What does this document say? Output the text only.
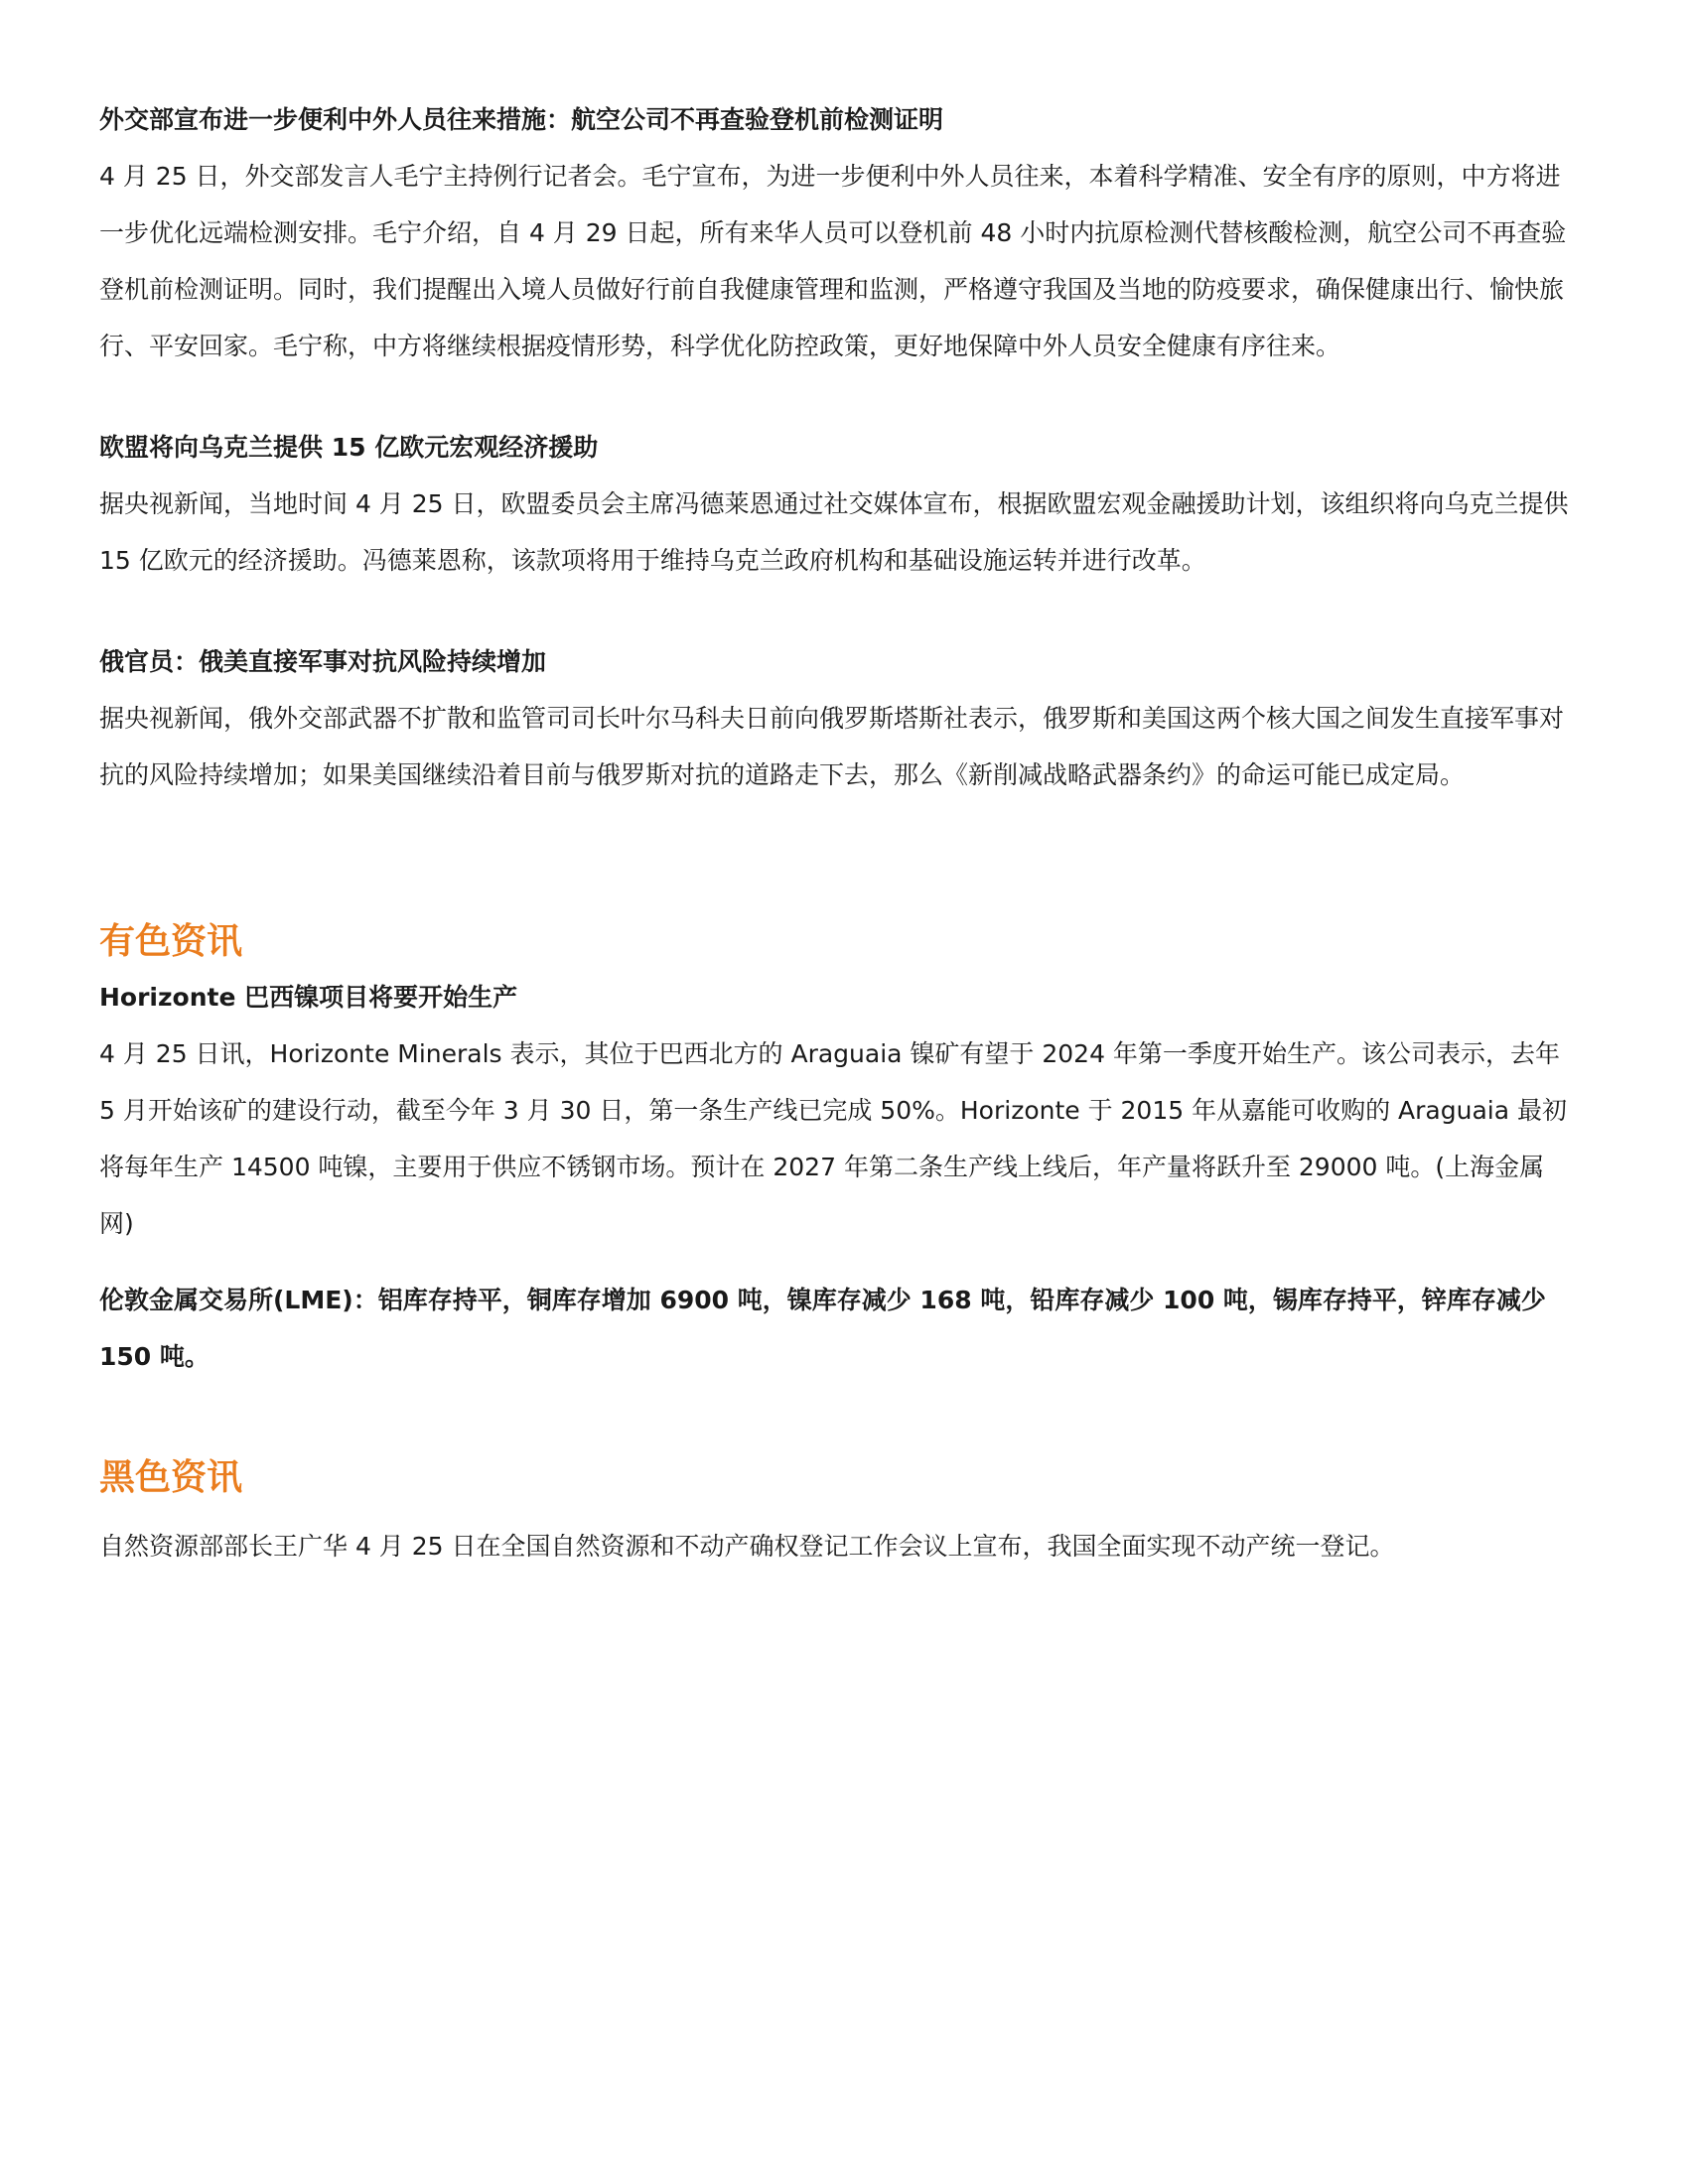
外交部宣布进一步便利中外人员往来措施：航空公司不再查验登机前检测证明

4 月 25 日，外交部发言人毛宁主持例行记者会。毛宁宣布，为进一步便利中外人员往来，本着科学精准、安全有序的原则，中方将进一步优化远端检测安排。毛宁介绍，自 4 月 29 日起，所有来华人员可以登机前 48 小时内抗原检测代替核酸检测，航空公司不再查验登机前检测证明。同时，我们提醒出入境人员做好行前自我健康管理和监测，严格遵守我国及当地的防疫要求，确保健康出行、愉快旅行、平安回家。毛宁称，中方将继续根据疫情形势，科学优化防控政策，更好地保障中外人员安全健康有序往来。

欧盟将向乌克兰提供 15 亿欧元宏观经济援助

据央视新闻，当地时间 4 月 25 日，欧盟委员会主席冯德莱恩通过社交媒体宣布，根据欧盟宏观金融援助计划，该组织将向乌克兰提供 15 亿欧元的经济援助。冯德莱恩称，该款项将用于维持乌克兰政府机构和基础设施运转并进行改革。

俄官员：俄美直接军事对抗风险持续增加

据央视新闻，俄外交部武器不扩散和监管司司长叶尔马科夫日前向俄罗斯塔斯社表示，俄罗斯和美国这两个核大国之间发生直接军事对抗的风险持续增加；如果美国继续沿着目前与俄罗斯对抗的道路走下去，那么《新削减战略武器条约》的命运可能已成定局。

有色资讯
Horizonte 巴西镍项目将要开始生产

4 月 25 日讯，Horizonte Minerals 表示，其位于巴西北方的 Araguaia 镍矿有望于 2024 年第一季度开始生产。该公司表示，去年 5 月开始该矿的建设行动，截至今年 3 月 30 日，第一条生产线已完成 50%。Horizonte 于 2015 年从嘉能可收购的 Araguaia 最初将每年生产 14500 吨镍，主要用于供应不锈钢市场。预计在 2027 年第二条生产线上线后，年产量将跃升至 29000 吨。(上海金属网)

伦敦金属交易所(LME)：铝库存持平，铜库存增加 6900 吨，镍库存减少 168 吨，铅库存减少 100 吨，锡库存持平，锌库存减少 150 吨。

黑色资讯

自然资源部部长王广华 4 月 25 日在全国自然资源和不动产确权登记工作会议上宣布，我国全面实现不动产统一登记。
